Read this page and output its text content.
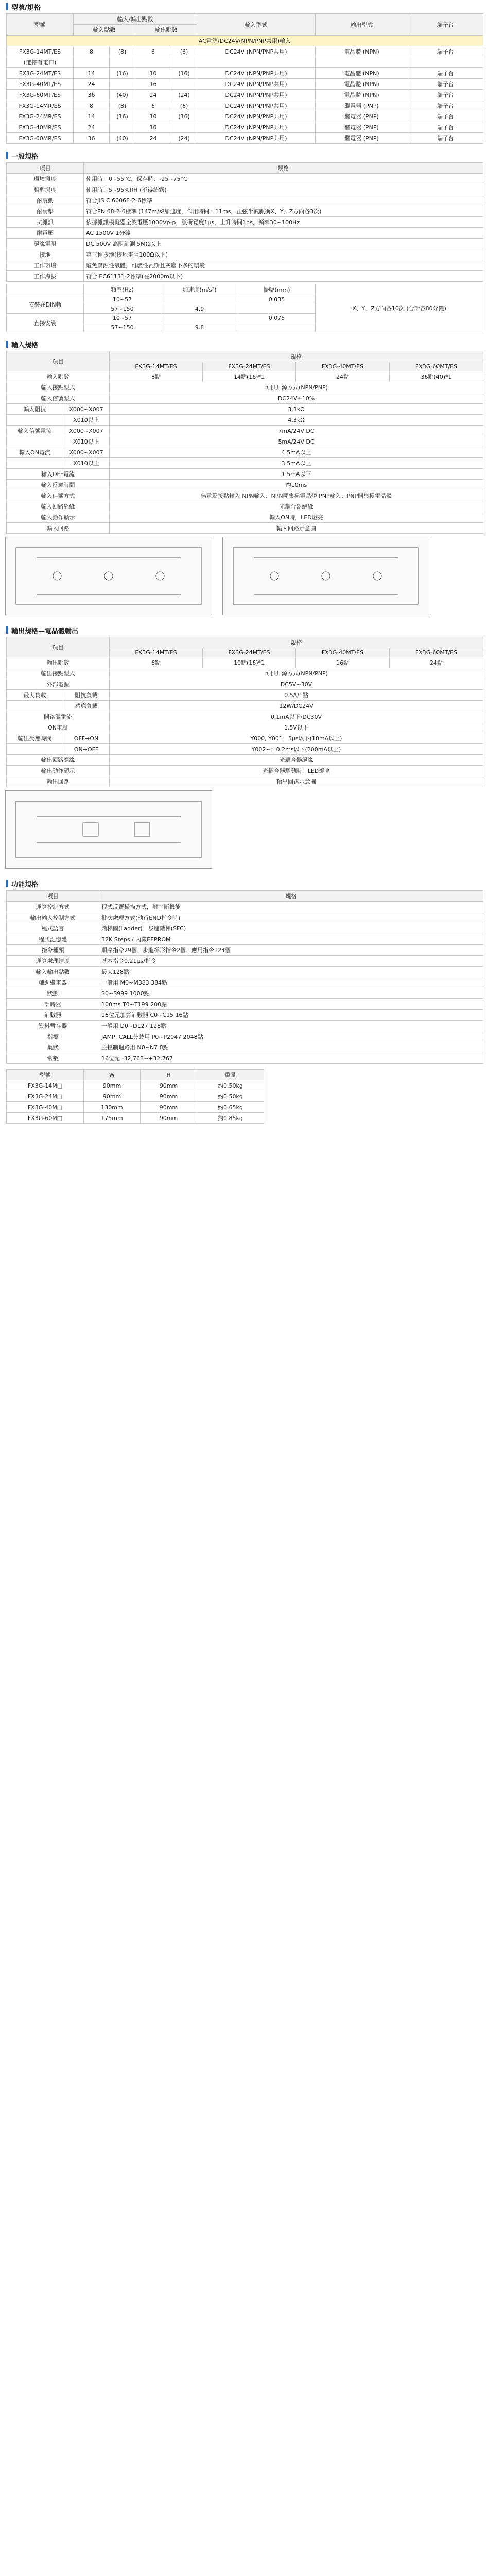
型號/規格
型號	輸入/輸出點數				輸入型式	輸出型式	端子台
	輸入點數		輸出點數				
AC電源/DC24V(NPN/PNP共用)輸入							
FX3G-14MT/ES	8	(8)	6	(6)	DC24V (NPN/PNP共用)	電晶體 (NPN)	端子台
(選擇有電口)							
FX3G-24MT/ES	14	(16)	10	(16)	DC24V (NPN/PNP共用)	電晶體 (NPN)	端子台
FX3G-40MT/ES	24		16		DC24V (NPN/PNP共用)	電晶體 (NPN)	端子台
FX3G-60MT/ES	36	(40)	24	(24)	DC24V (NPN/PNP共用)	電晶體 (NPN)	端子台
FX3G-14MR/ES	8	(8)	6	(6)	DC24V (NPN/PNP共用)	繼電器 (PNP)	端子台
FX3G-24MR/ES	14	(16)	10	(16)	DC24V (NPN/PNP共用)	繼電器 (PNP)	端子台
FX3G-40MR/ES	24		16		DC24V (NPN/PNP共用)	繼電器 (PNP)	端子台
FX3G-60MR/ES	36	(40)	24	(24)	DC24V (NPN/PNP共用)	繼電器 (PNP)	端子台
一般規格
項目	規格
環境溫度	使用時：0~55°C，保存時：-25~75°C
相對濕度	使用時：5~95%RH (不得結露)
耐震動	符合JIS C 60068-2-6標準
耐衝擊	符合EN 68-2-6標準 (147m/s²加速度，作用時間：11ms，正弦半波脈衝X、Y、Z方向各3次)
抗雜訊	依據雜訊模擬器全波電壓1000Vp-p，脈衝寬度1μs，上升時間1ns，頻率30~100Hz
耐電壓	AC 1500V 1分鐘
絕緣電阻	DC 500V 高阻計測 5MΩ以上
接地	第三種接地(接地電阻100Ω以下)
工作環境	避免腐蝕性氣體，可燃性瓦斯且灰塵不多的環境
工作海拔	符合IEC61131-2標準(在2000m以下)
	頻率(Hz)	加速度(m/s²)	振幅(mm)	X、Y、Z方向各10次 (合計各80分鐘)
安裝在DIN軌	10~57		0.035	
	57~150	4.9		
直接安裝	10~57		0.075	
	57~150	9.8		
輸入規格
項目		規格			
		FX3G-14MT/ES	FX3G-24MT/ES	FX3G-40MT/ES	FX3G-60MT/ES
輸入點數		8點	14點(16)*1	24點	36點(40)*1
輸入接點型式		可供共源方式(NPN/PNP)			
輸入信號型式		DC24V±10%			
輸入阻抗	X000~X007	3.3kΩ			
	X010以上	4.3kΩ			
輸入信號電流	X000~X007	7mA/24V DC			
	X010以上	5mA/24V DC			
輸入ON電流	X000~X007	4.5mA以上			
	X010以上	3.5mA以上			
輸入OFF電流		1.5mA以下			
輸入反應時間		約10ms			
輸入信號方式		無電壓接點輸入 NPN輸入：NPN開集極電晶體 PNP輸入：PNP開集極電晶體			
輸入回路絕緣		光耦合器絕緣			
輸入動作顯示		輸入ON時，LED燈亮			
輸入回路		輸入回路示意圖			
輸出規格—電晶體輸出
項目		規格			
		FX3G-14MT/ES	FX3G-24MT/ES	FX3G-40MT/ES	FX3G-60MT/ES
輸出點數		6點	10點(16)*1	16點	24點
輸出接點型式		可供共源方式(NPN/PNP)			
外部電源		DC5V~30V			
最大負載	阻抗負載	0.5A/1點			
	感應負載	12W/DC24V			
開路漏電流		0.1mA以下/DC30V			
ON電壓		1.5V以下			
輸出反應時間	OFF→ON	Y000, Y001：5μs以下(10mA以上)			
	ON→OFF	Y002~：0.2ms以下(200mA以上)			
輸出回路絕緣		光耦合器絕緣			
輸出動作顯示		光耦合器驅動時，LED燈亮			
輸出回路		輸出回路示意圖			
功能規格
項目	規格
運算控制方式	程式反覆掃描方式，附中斷機能
輸出輸入控制方式	批次處理方式(執行END指令時)
程式語言	階梯圖(Ladder)、步進階梯(SFC)
程式記憶體	32K Steps / 內藏EEPROM
指令種類	順序指令29個、步進梯形指令2個、應用指令124個
運算處理速度	基本指令0.21μs/指令
輸入輸出點數	最大128點
輔助繼電器	一般用 M0~M383 384點
狀態	S0~S999 1000點
計時器	100ms T0~T199 200點
計數器	16位元加算計數器 C0~C15 16點
資料暫存器	一般用 D0~D127 128點
指標	JAMP, CALL分歧用 P0~P2047 2048點
巢狀	主控制迴路用 N0~N7 8點
常數	16位元 -32,768~+32,767
型號	W	H	重量
FX3G-14M□	90mm	90mm	約0.50kg
FX3G-24M□	90mm	90mm	約0.50kg
FX3G-40M□	130mm	90mm	約0.65kg
FX3G-60M□	175mm	90mm	約0.85kg
